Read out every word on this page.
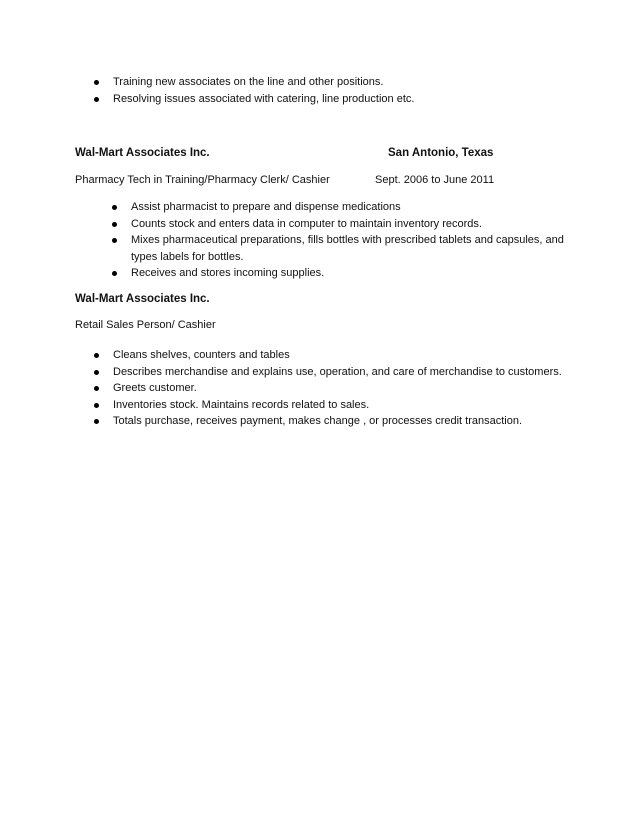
Training new associates on the line and other positions.
Resolving issues associated with catering, line production etc.
Wal-Mart Associates Inc.	San Antonio, Texas
Pharmacy Tech in Training/Pharmacy Clerk/ Cashier	Sept. 2006 to June 2011
Assist pharmacist to prepare and dispense medications
Counts stock and enters data in computer to maintain inventory records.
Mixes pharmaceutical preparations, fills bottles with prescribed tablets and capsules, and
types labels for bottles.
Receives and stores incoming supplies.
Wal-Mart Associates Inc.
Retail Sales Person/ Cashier
Cleans shelves, counters and tables
Describes merchandise and explains use, operation, and care of merchandise to customers.
Greets customer.
Inventories stock. Maintains records related to sales.
Totals purchase, receives payment, makes change , or processes credit transaction.
